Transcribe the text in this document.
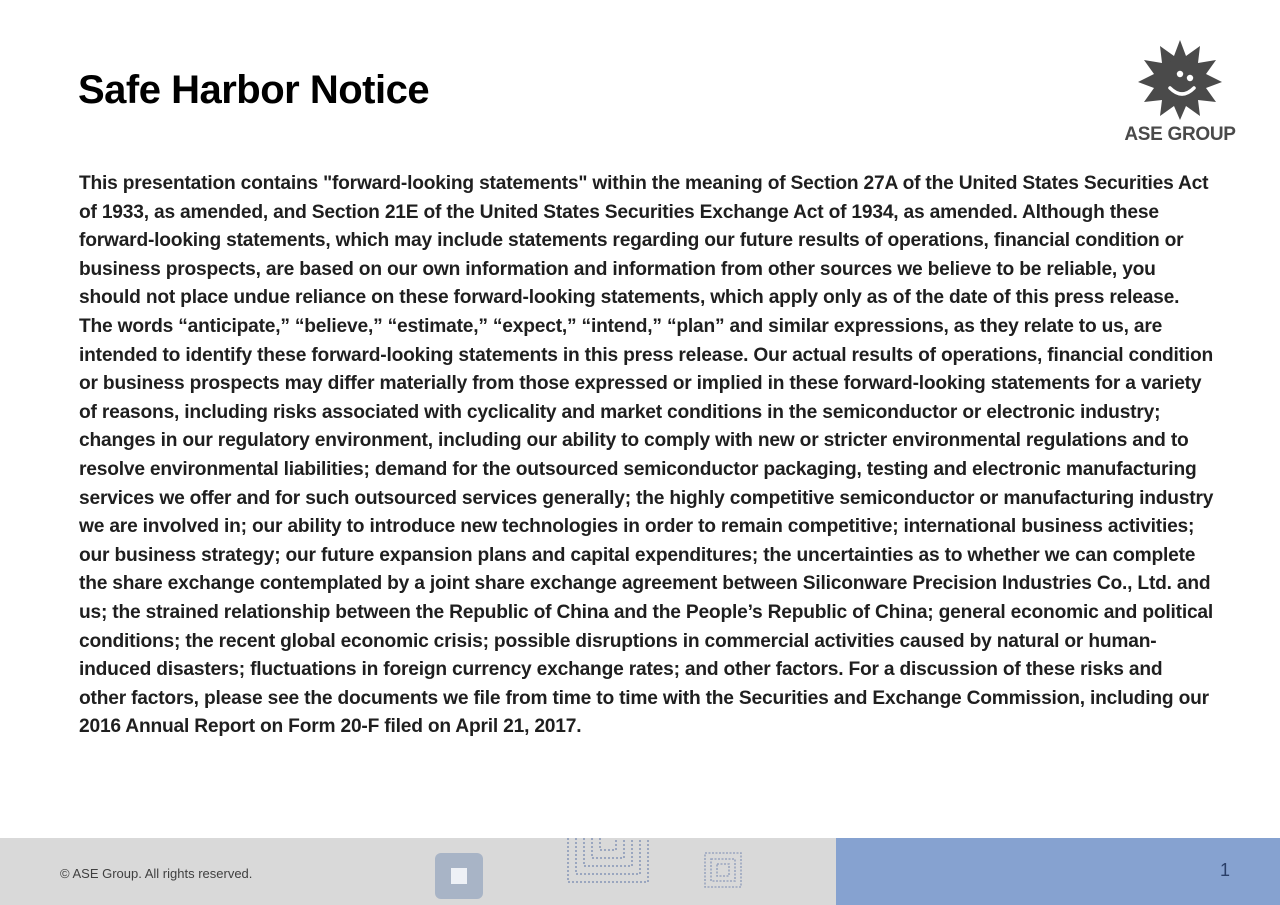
Safe Harbor Notice
ASE GROUP

This presentation contains "forward-looking statements" within the meaning of Section 27A of the United States Securities Act of 1933, as amended, and Section 21E of the United States Securities Exchange Act of 1934, as amended. Although these forward-looking statements, which may include statements regarding our future results of operations, financial condition or business prospects, are based on our own information and information from other sources we believe to be reliable, you should not place undue reliance on these forward-looking statements, which apply only as of the date of this press release. The words “anticipate,” “believe,” “estimate,” “expect,” “intend,” “plan” and similar expressions, as they relate to us, are intended to identify these forward-looking statements in this press release. Our actual results of operations, financial condition or business prospects may differ materially from those expressed or implied in these forward-looking statements for a variety of reasons, including risks associated with cyclicality and market conditions in the semiconductor or electronic industry; changes in our regulatory environment, including our ability to comply with new or stricter environmental regulations and to resolve environmental liabilities; demand for the outsourced semiconductor packaging, testing and electronic manufacturing services we offer and for such outsourced services generally; the highly competitive semiconductor or manufacturing industry we are involved in; our ability to introduce new technologies in order to remain competitive; international business activities; our business strategy; our future expansion plans and capital expenditures; the uncertainties as to whether we can complete the share exchange contemplated by a joint share exchange agreement between Siliconware Precision Industries Co., Ltd. and us; the strained relationship between the Republic of China and the People’s Republic of China; general economic and political conditions; the recent global economic crisis; possible disruptions in commercial activities caused by natural or human-induced disasters; fluctuations in foreign currency exchange rates; and other factors. For a discussion of these risks and other factors, please see the documents we file from time to time with the Securities and Exchange Commission, including our 2016 Annual Report on Form 20-F filed on April 21, 2017.

© ASE Group. All rights reserved.	1
